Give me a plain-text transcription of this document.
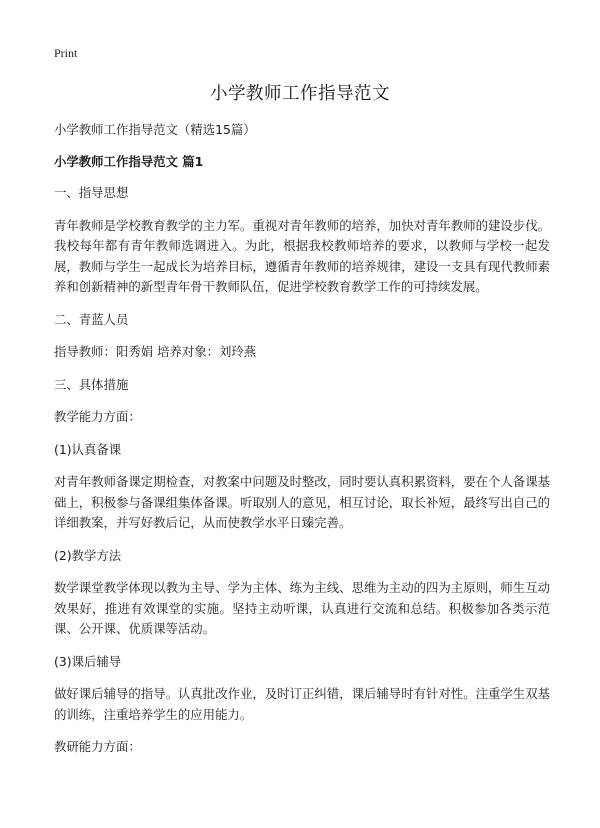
Print
小学教师工作指导范文

小学教师工作指导范文（精选15篇）

小学教师工作指导范文 篇1

一、指导思想

青年教师是学校教育教学的主力军。重视对青年教师的培养，加快对青年教师的建设步伐。我校每年都有青年教师选调进入。为此，根据我校教师培养的要求，以教师与学校一起发展，教师与学生一起成长为培养目标，遵循青年教师的培养规律，建设一支具有现代教师素养和创新精神的新型青年骨干教师队伍，促进学校教育教学工作的可持续发展。

二、青蓝人员

指导教师：阳秀娟 培养对象：刘玲燕

三、具体措施

教学能力方面：

(1)认真备课

对青年教师备课定期检查，对教案中问题及时整改，同时要认真积累资料，要在个人备课基础上，积极参与备课组集体备课。听取别人的意见，相互讨论，取长补短，最终写出自己的详细教案，并写好教后记，从而使教学水平日臻完善。

(2)教学方法

数学课堂教学体现以教为主导、学为主体、练为主线、思维为主动的四为主原则，师生互动效果好，推进有效课堂的实施。坚持主动听课，认真进行交流和总结。积极参加各类示范课、公开课、优质课等活动。

(3)课后辅导

做好课后辅导的指导。认真批改作业，及时订正纠错，课后辅导时有针对性。注重学生双基的训练，注重培养学生的应用能力。

教研能力方面：
